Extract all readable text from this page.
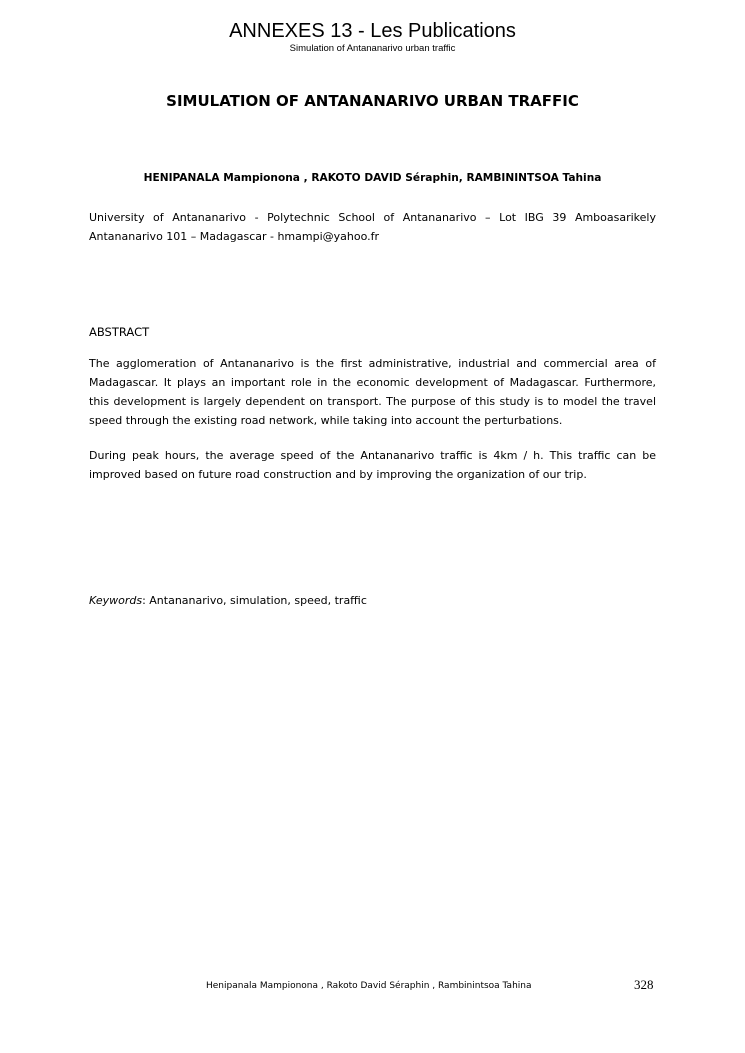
ANNEXES 13 - Les Publications
Simulation of Antananarivo urban traffic
SIMULATION OF ANTANANARIVO URBAN TRAFFIC
HENIPANALA Mampionona , RAKOTO DAVID Séraphin, RAMBININTSOA Tahina
University of Antananarivo - Polytechnic School of Antananarivo – Lot IBG 39 Amboasarikely
Antananarivo 101 – Madagascar - hmampi@yahoo.fr
ABSTRACT
The agglomeration of Antananarivo is the first administrative, industrial and commercial area of
Madagascar. It plays an important role in the economic development of Madagascar. Furthermore,
this development is largely dependent on transport. The purpose of this study is to model the travel
speed through the existing road network, while taking into account the perturbations.
During peak hours, the average speed of the Antananarivo traffic is 4km / h. This traffic can be
improved based on future road construction and by improving the organization of our trip.
Keywords: Antananarivo, simulation, speed, traffic
Henipanala Mampionona , Rakoto David Séraphin , Rambinintsoa Tahina	328
